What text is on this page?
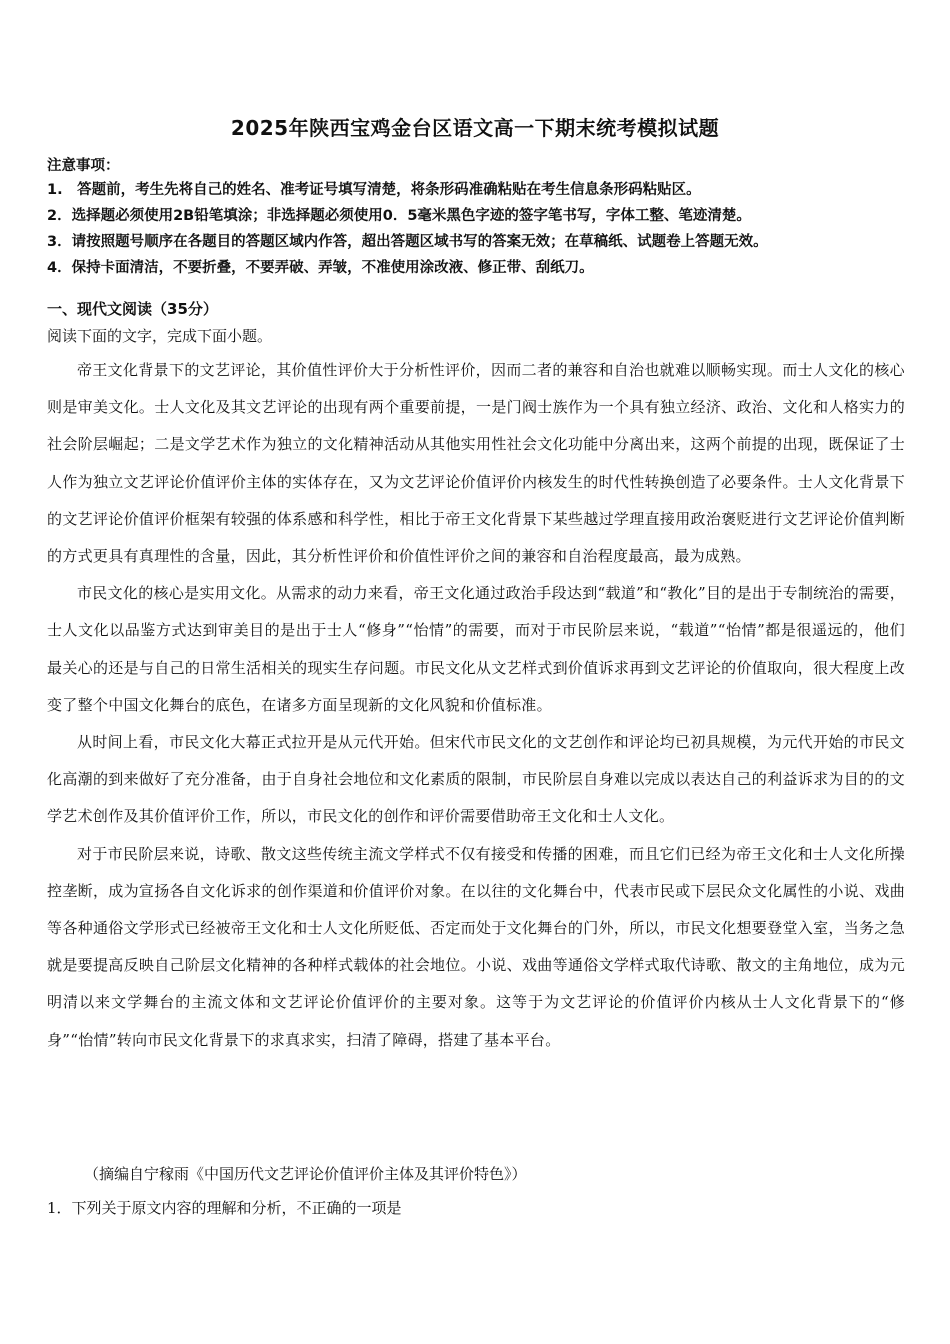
2025年陕西宝鸡金台区语文高一下期末统考模拟试题
注意事项：
1.　答题前，考生先将自己的姓名、准考证号填写清楚，将条形码准确粘贴在考生信息条形码粘贴区。
2．选择题必须使用2B铅笔填涂；非选择题必须使用0．5毫米黑色字迹的签字笔书写，字体工整、笔迹清楚。
3．请按照题号顺序在各题目的答题区域内作答，超出答题区域书写的答案无效；在草稿纸、试题卷上答题无效。
4．保持卡面清洁，不要折叠，不要弄破、弄皱，不准使用涂改液、修正带、刮纸刀。
一、现代文阅读（35分）
阅读下面的文字，完成下面小题。

帝王文化背景下的文艺评论，其价值性评价大于分析性评价，因而二者的兼容和自治也就难以顺畅实现。而士人文化的核心则是审美文化。士人文化及其文艺评论的出现有两个重要前提，一是门阀士族作为一个具有独立经济、政治、文化和人格实力的社会阶层崛起；二是文学艺术作为独立的文化精神活动从其他实用性社会文化功能中分离出来，这两个前提的出现，既保证了士人作为独立文艺评论价值评价主体的实体存在，又为文艺评论价值评价内核发生的时代性转换创造了必要条件。士人文化背景下的文艺评论价值评价框架有较强的体系感和科学性，相比于帝王文化背景下某些越过学理直接用政治褒贬进行文艺评论价值判断的方式更具有真理性的含量，因此，其分析性评价和价值性评价之间的兼容和自治程度最高，最为成熟。

市民文化的核心是实用文化。从需求的动力来看，帝王文化通过政治手段达到“载道”和“教化”目的是出于专制统治的需要，士人文化以品鉴方式达到审美目的是出于士人“修身”“怡情”的需要，而对于市民阶层来说，“载道”“怡情”都是很遥远的，他们最关心的还是与自己的日常生活相关的现实生存问题。市民文化从文艺样式到价值诉求再到文艺评论的价值取向，很大程度上改变了整个中国文化舞台的底色，在诸多方面呈现新的文化风貌和价值标准。

从时间上看，市民文化大幕正式拉开是从元代开始。但宋代市民文化的文艺创作和评论均已初具规模，为元代开始的市民文化高潮的到来做好了充分准备，由于自身社会地位和文化素质的限制，市民阶层自身难以完成以表达自己的利益诉求为目的的文学艺术创作及其价值评价工作，所以，市民文化的创作和评价需要借助帝王文化和士人文化。

对于市民阶层来说，诗歌、散文这些传统主流文学样式不仅有接受和传播的困难，而且它们已经为帝王文化和士人文化所操控垄断，成为宣扬各自文化诉求的创作渠道和价值评价对象。在以往的文化舞台中，代表市民或下层民众文化属性的小说、戏曲等各种通俗文学形式已经被帝王文化和士人文化所贬低、否定而处于文化舞台的门外，所以，市民文化想要登堂入室，当务之急就是要提高反映自己阶层文化精神的各种样式载体的社会地位。小说、戏曲等通俗文学样式取代诗歌、散文的主角地位，成为元明清以来文学舞台的主流文体和文艺评论价值评价的主要对象。这等于为文艺评论的价值评价内核从士人文化背景下的“修身”“怡情”转向市民文化背景下的求真求实，扫清了障碍，搭建了基本平台。

（摘编自宁稼雨《中国历代文艺评论价值评价主体及其评价特色》）
1．下列关于原文内容的理解和分析，不正确的一项是
